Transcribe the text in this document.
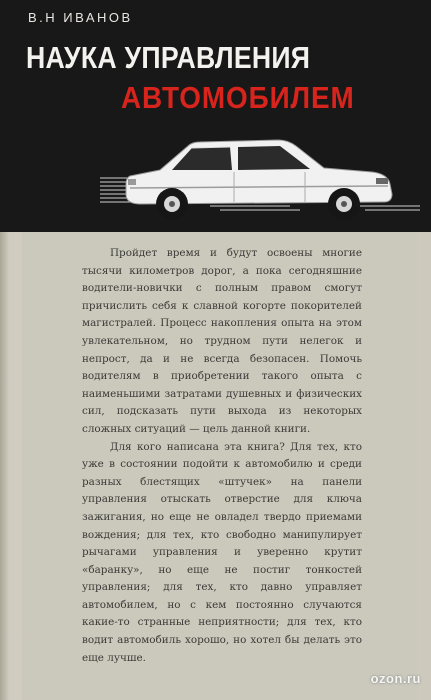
В.Н ИВАНОВ
НАУКА УПРАВЛЕНИЯ
АВТОМОБИЛЕМ

Пройдет время и будут освоены многие тысячи километров дорог, а пока сегодняшние водители-новички с полным правом смогут причислить себя к славной когорте покорителей магистралей. Процесс накопления опыта на этом увлекательном, но трудном пути нелегок и непрост, да и не всегда безопасен. Помочь водителям в приобретении такого опыта с наименьшими затратами душевных и физических сил, подсказать пути выхода из некоторых сложных ситуаций — цель данной книги.

Для кого написана эта книга? Для тех, кто уже в состоянии подойти к автомобилю и среди разных блестящих «штучек» на панели управления отыскать отверстие для ключа зажигания, но еще не овладел твердо приемами вождения; для тех, кто свободно манипулирует рычагами управления и уверенно крутит «баранку», но еще не постиг тонкостей управления; для тех, кто давно управляет автомобилем, но с кем постоянно случаются какие-то странные неприятности; для тех, кто водит автомобиль хорошо, но хотел бы делать это еще лучше.

ozon.ru
